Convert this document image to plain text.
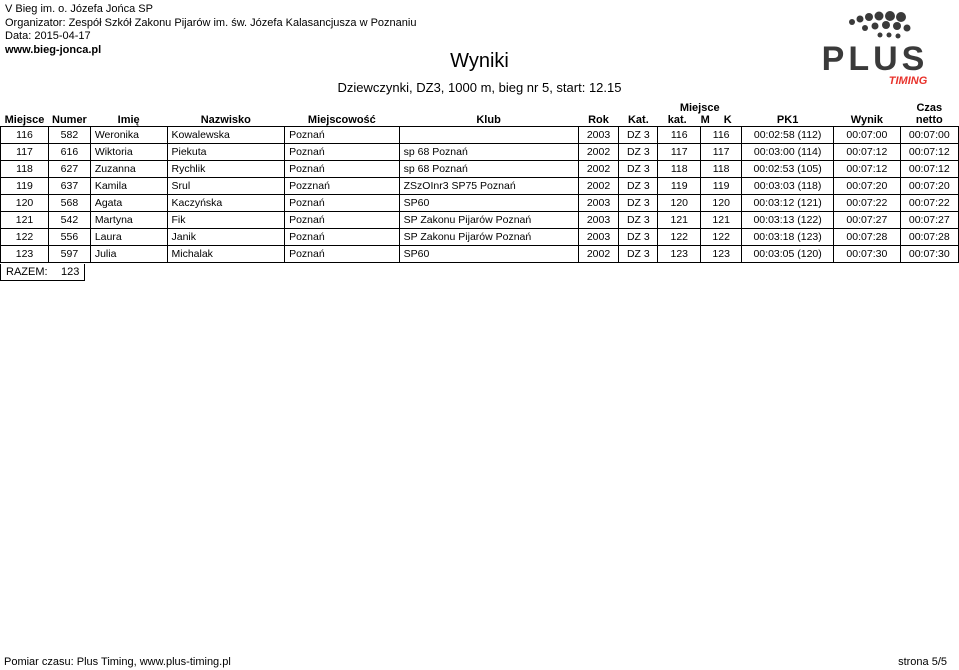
V Bieg im. o. Józefa Jońca SP
Organizator: Zespół Szkół Zakonu Pijarów im. św. Józefa Kalasancjusza w Poznaniu
Data: 2015-04-17
www.bieg-jonca.pl
Wyniki
Dziewczynki, DZ3, 1000 m, bieg nr 5, start: 12.15
PLUS
TIMING
Miejsce	Numer	Imię	Nazwisko	Miejscowość	Klub	Rok	Kat.	Miejsce
kat. M K		PK1	Wynik	Czas netto
116	582	Weronika	Kowalewska	Poznań		2003	DZ 3	116	116	00:02:58 (112)	00:07:00	00:07:00
117	616	Wiktoria	Piekuta	Poznań	sp 68 Poznań	2002	DZ 3	117	117	00:03:00 (114)	00:07:12	00:07:12
118	627	Zuzanna	Rychlik	Poznań	sp 68 Poznań	2002	DZ 3	118	118	00:02:53 (105)	00:07:12	00:07:12
119	637	Kamila	Srul	Pozznań	ZSzOInr3 SP75 Poznań	2002	DZ 3	119	119	00:03:03 (118)	00:07:20	00:07:20
120	568	Agata	Kaczyńska	Poznań	SP60	2003	DZ 3	120	120	00:03:12 (121)	00:07:22	00:07:22
121	542	Martyna	Fik	Poznań	SP Zakonu Pijarów Poznań	2003	DZ 3	121	121	00:03:13 (122)	00:07:27	00:07:27
122	556	Laura	Janik	Poznań	SP Zakonu Pijarów Poznań	2003	DZ 3	122	122	00:03:18 (123)	00:07:28	00:07:28
123	597	Julia	Michalak	Poznań	SP60	2002	DZ 3	123	123	00:03:05 (120)	00:07:30	00:07:30
RAZEM:	123
Pomiar czasu: Plus Timing, www.plus-timing.pl	strona 5/5
